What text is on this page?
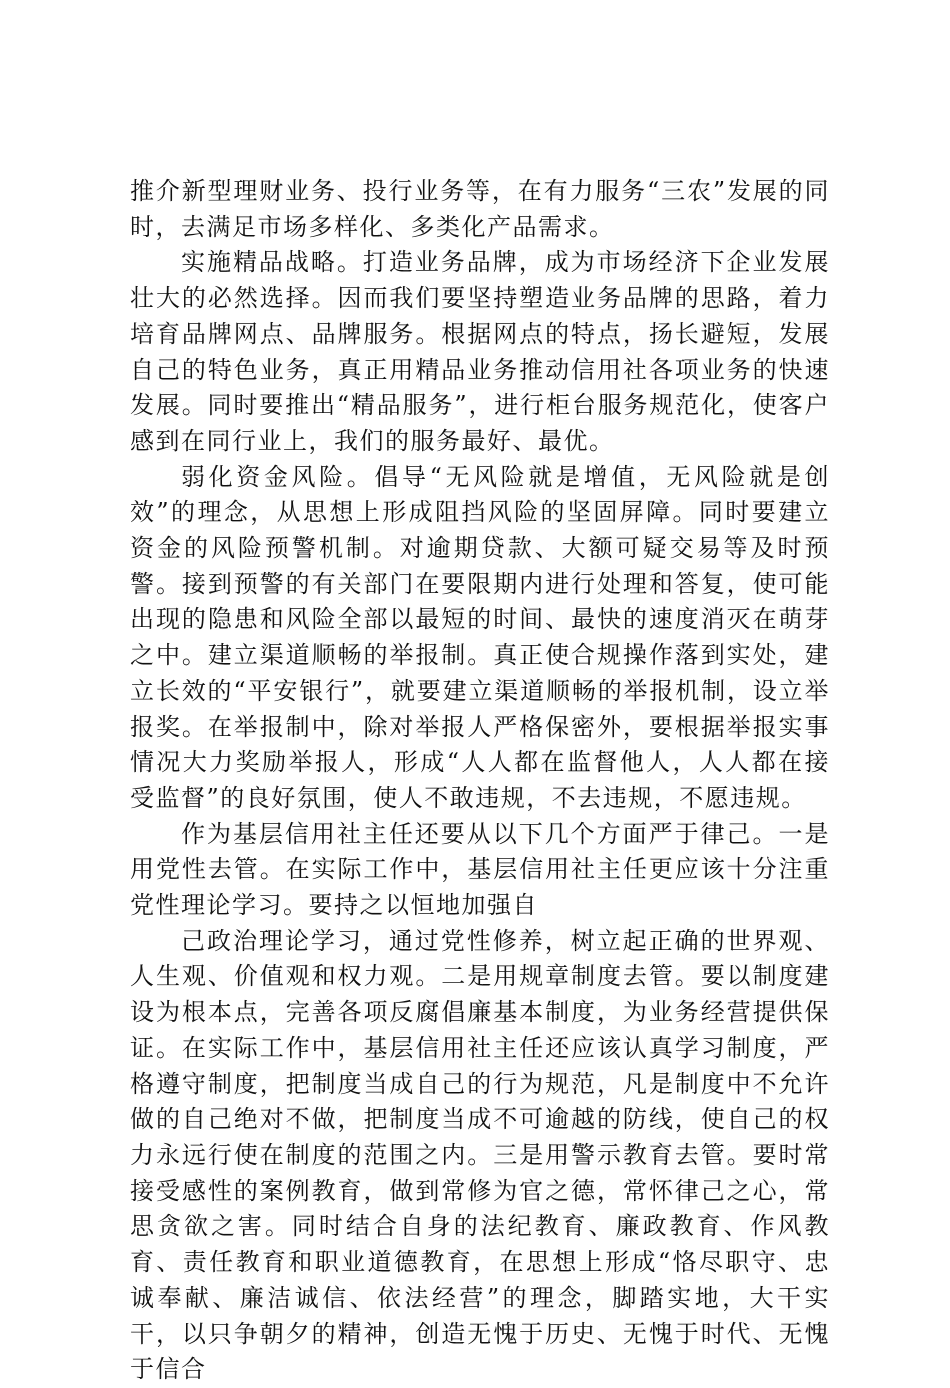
推介新型理财业务、投行业务等，在有力服务“三农”发展的同时，去满足市场多样化、多类化产品需求。

实施精品战略。打造业务品牌，成为市场经济下企业发展壮大的必然选择。因而我们要坚持塑造业务品牌的思路，着力培育品牌网点、品牌服务。根据网点的特点，扬长避短，发展自己的特色业务，真正用精品业务推动信用社各项业务的快速发展。同时要推出“精品服务”，进行柜台服务规范化，使客户感到在同行业上，我们的服务最好、最优。

弱化资金风险。倡导“无风险就是增值，无风险就是创效”的理念，从思想上形成阻挡风险的坚固屏障。同时要建立资金的风险预警机制。对逾期贷款、大额可疑交易等及时预警。接到预警的有关部门在要限期内进行处理和答复，使可能出现的隐患和风险全部以最短的时间、最快的速度消灭在萌芽之中。建立渠道顺畅的举报制。真正使合规操作落到实处，建立长效的“平安银行”，就要建立渠道顺畅的举报机制，设立举报奖。在举报制中，除对举报人严格保密外，要根据举报实事情况大力奖励举报人，形成“人人都在监督他人，人人都在接受监督”的良好氛围，使人不敢违规，不去违规，不愿违规。

作为基层信用社主任还要从以下几个方面严于律己。一是用党性去管。在实际工作中，基层信用社主任更应该十分注重党性理论学习。要持之以恒地加强自

己政治理论学习，通过党性修养，树立起正确的世界观、人生观、价值观和权力观。二是用规章制度去管。要以制度建设为根本点，完善各项反腐倡廉基本制度，为业务经营提供保证。在实际工作中，基层信用社主任还应该认真学习制度，严格遵守制度，把制度当成自己的行为规范，凡是制度中不允许做的自己绝对不做，把制度当成不可逾越的防线，使自己的权力永远行使在制度的范围之内。三是用警示教育去管。要时常接受感性的案例教育，做到常修为官之德，常怀律己之心，常思贪欲之害。同时结合自身的法纪教育、廉政教育、作风教育、责任教育和职业道德教育，在思想上形成“恪尽职守、忠诚奉献、廉洁诚信、依法经营”的理念，脚踏实地，大干实干，以只争朝夕的精神，创造无愧于历史、无愧于时代、无愧于信合
